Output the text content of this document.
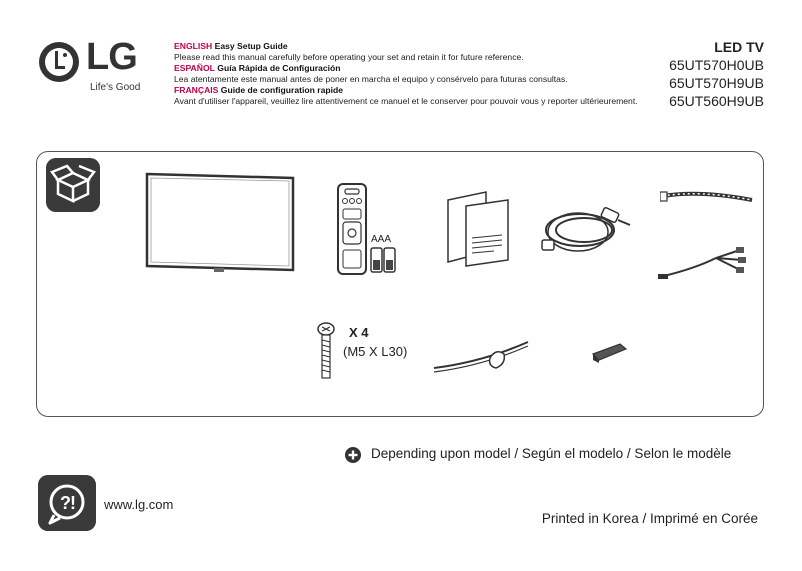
LG
Life's Good

ENGLISH Easy Setup Guide

Please read this manual carefully before operating your set and retain it for future reference.

ESPAÑOL Guía Rápida de Configuración

Lea atentamente este manual antes de poner en marcha el equipo y consérvelo para futuras consultas.

FRANÇAIS Guide de configuration rapide

Avant d'utiliser l'appareil, veuillez lire attentivement ce manuel et le conserver pour pouvoir vous y reporter ultérieurement.

LED TV
65UT570H0UB
65UT570H9UB
65UT560H9UB
AAA
X 4
(M5 X L30)
Depending upon model / Según el modelo / Selon le modèle
? ! www.lg.com
Printed in Korea / Imprimé en Corée
